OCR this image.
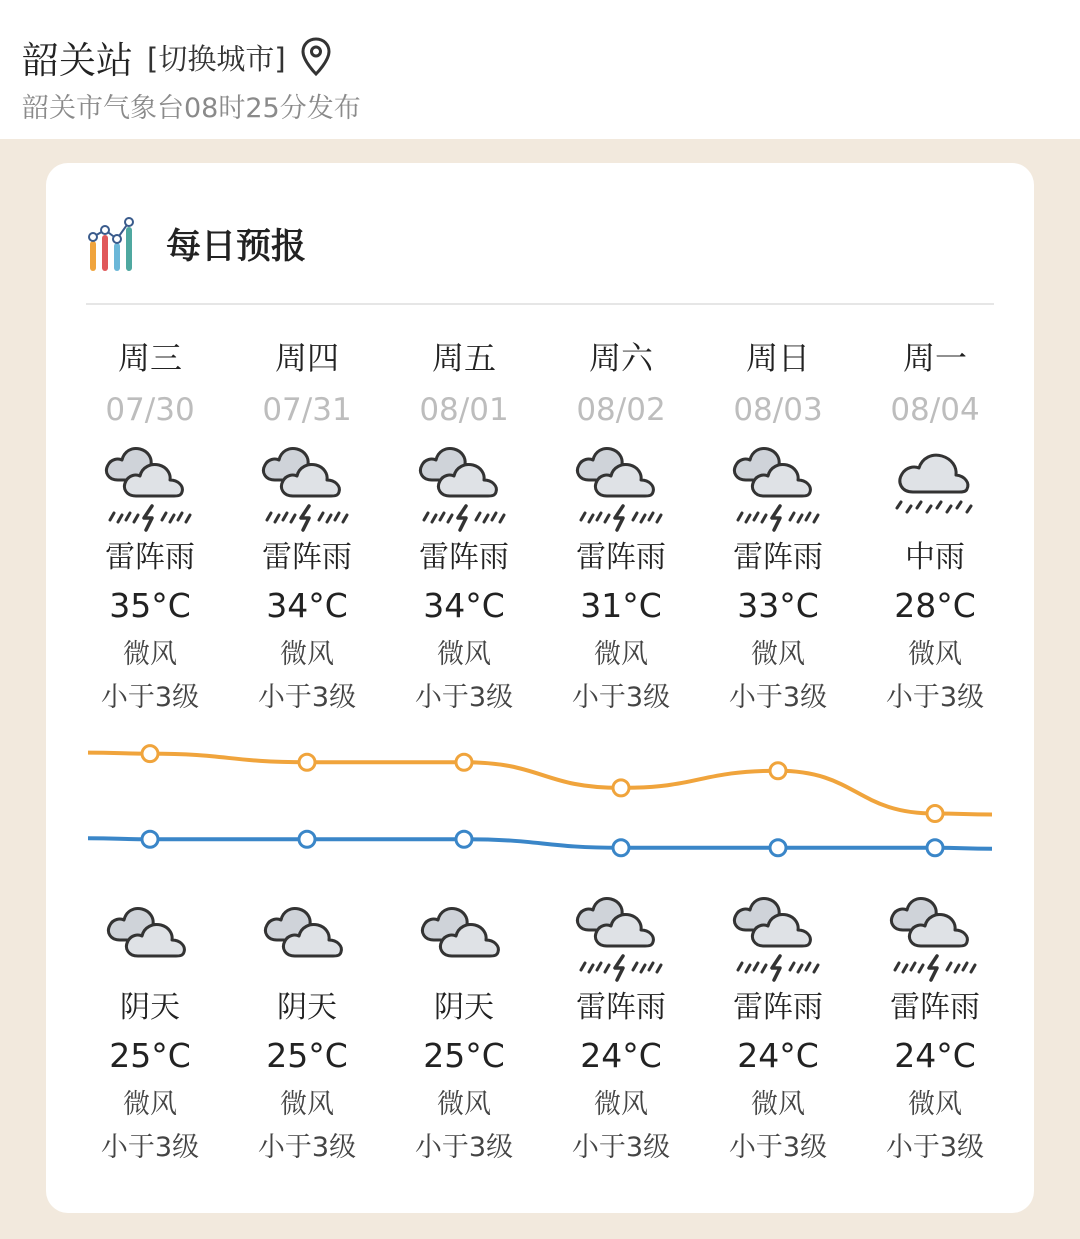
韶关站 [切换城市]
韶关市气象台08时25分发布
每日预报
周三
07/30
雷阵雨
35°C
微风
小于3级
周四
07/31
雷阵雨
34°C
微风
小于3级
周五
08/01
雷阵雨
34°C
微风
小于3级
周六
08/02
雷阵雨
31°C
微风
小于3级
周日
08/03
雷阵雨
33°C
微风
小于3级
周一
08/04
中雨
28°C
微风
小于3级
阴天
25°C
微风
小于3级
阴天
25°C
微风
小于3级
阴天
25°C
微风
小于3级
雷阵雨
24°C
微风
小于3级
雷阵雨
24°C
微风
小于3级
雷阵雨
24°C
微风
小于3级
